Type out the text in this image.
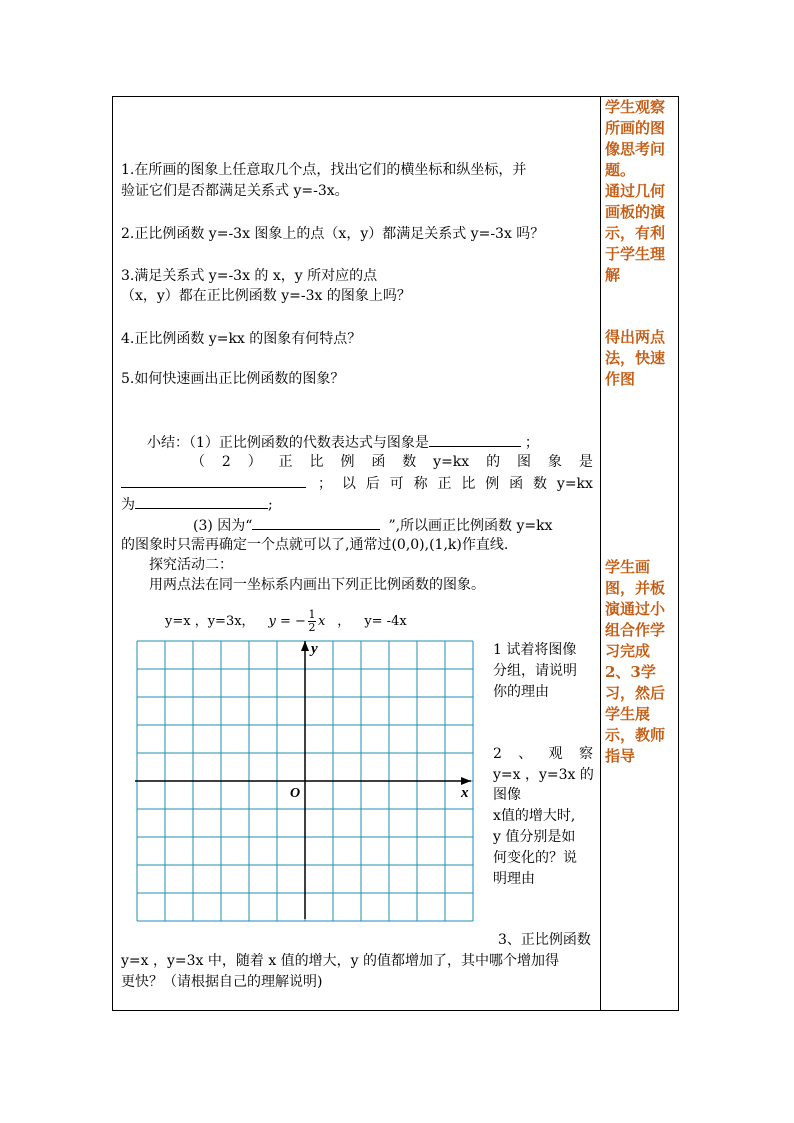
1.在所画的图象上任意取几个点，找出它们的横坐标和纵坐标，并
验证它们是否都满足关系式 y=-3x。
2.正比例函数 y=-3x 图象上的点（x，y）都满足关系式 y=-3x 吗？
3.满足关系式 y=-3x 的 x，y 所对应的点
（x，y）都在正比例函数 y=-3x 的图象上吗？
4.正比例函数 y=kx 的图象有何特点？
5.如何快速画出正比例函数的图象？
小结：（1）正比例函数的代数表达式与图象是	；
（ 2 ） 正 比 例 函 数 y=kx 的 图 象 是
； 以 后 可 称 正 比 例 函 数 y=kx
为	;
(3) 因为“	”,所以画正比例函数 y=kx
的图象时只需再确定一个点就可以了,通常过(0,0),(1,k)作直线.
探究活动二：
用两点法在同一坐标系内画出下列正比例函数的图象。
y=x ，y=3x， y = − $\frac{1}{2}$ x ， y= -4x
y
x
O
1 试着将图像
分组，请说明
你的理由
2 、 观 察
y=x ，y=3x 的
图像
x值的增大时,
y 值分别是如
何变化的？说
明理由
3、正比例函数
y=x ，y=3x 中，随着 x 值的增大，y 的值都增加了，其中哪个增加得
更快？（请根据自己的理解说明)
学生观察所画的图像思考问题。
通过几何画板的演示，有利于学生理解
得出两点法，快速作图
学生画图，并板演通过小组合作学习完成 2、3学习，然后学生展示，教师指导
